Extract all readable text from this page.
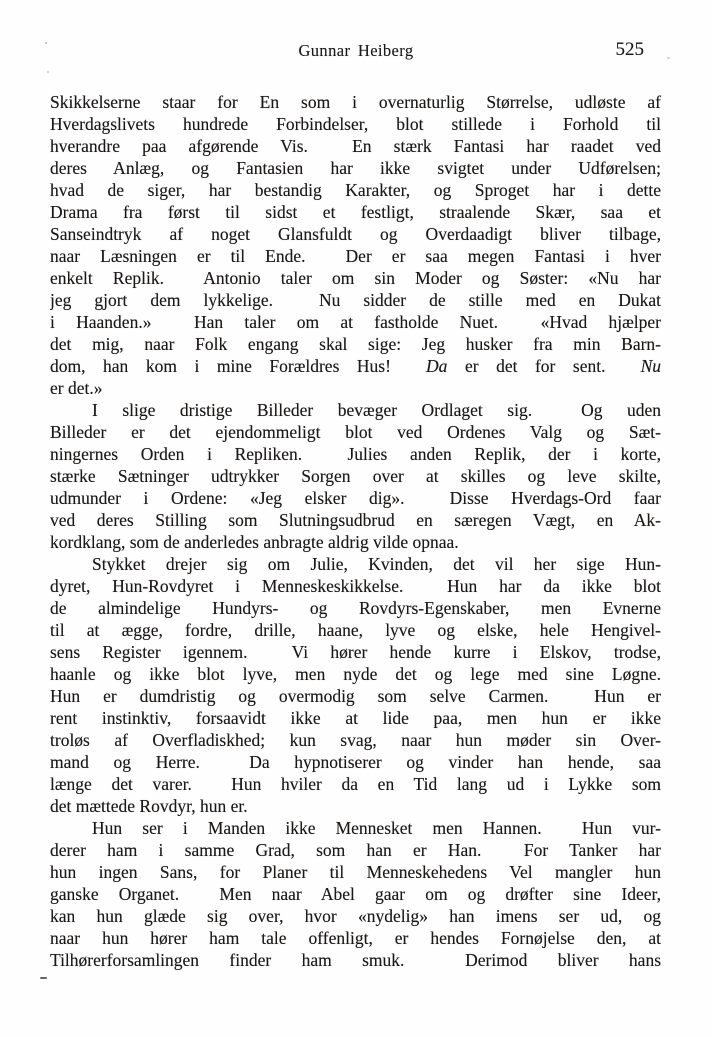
Gunnar Heiberg	525
Skikkelserne staar for En som i overnaturlig Størrelse, udløste af
Hverdagslivets hundrede Forbindelser, blot stillede i Forhold til
hverandre paa afgørende Vis.  En stærk Fantasi har raadet ved
deres Anlæg, og Fantasien har ikke svigtet under Udførelsen;
hvad de siger, har bestandig Karakter, og Sproget har i dette
Drama fra først til sidst et festligt, straalende Skær, saa et
Sanseindtryk af noget Glansfuldt og Overdaadigt bliver tilbage,
naar Læsningen er til Ende.  Der er saa megen Fantasi i hver
enkelt Replik.  Antonio taler om sin Moder og Søster: «Nu har
jeg gjort dem lykkelige.  Nu sidder de stille med en Dukat
i Haanden.»  Han taler om at fastholde Nuet.  «Hvad hjælper
det mig, naar Folk engang skal sige: Jeg husker fra min Barn-
dom, han kom i mine Forældres Hus!  Da er det for sent.  Nu
er det.»
I slige dristige Billeder bevæger Ordlaget sig.  Og uden
Billeder er det ejendommeligt blot ved Ordenes Valg og Sæt-
ningernes Orden i Repliken.  Julies anden Replik, der i korte,
stærke Sætninger udtrykker Sorgen over at skilles og leve skilte,
udmunder i Ordene: «Jeg elsker dig».  Disse Hverdags-Ord faar
ved deres Stilling som Slutningsudbrud en særegen Vægt, en Ak-
kordklang, som de anderledes anbragte aldrig vilde opnaa.
Stykket drejer sig om Julie, Kvinden, det vil her sige Hun-
dyret, Hun-Rovdyret i Menneskeskikkelse.  Hun har da ikke blot
de almindelige Hundyrs- og Rovdyrs-Egenskaber, men Evnerne
til at ægge, fordre, drille, haane, lyve og elske, hele Hengivel-
sens Register igennem.  Vi hører hende kurre i Elskov, trodse,
haanle og ikke blot lyve, men nyde det og lege med sine Løgne.
Hun er dumdristig og overmodig som selve Carmen.  Hun er
rent instinktiv, forsaavidt ikke at lide paa, men hun er ikke
troløs af Overfladiskhed; kun svag, naar hun møder sin Over-
mand og Herre.  Da hypnotiserer og vinder han hende, saa
længe det varer.  Hun hviler da en Tid lang ud i Lykke som
det mættede Rovdyr, hun er.
Hun ser i Manden ikke Mennesket men Hannen.  Hun vur-
derer ham i samme Grad, som han er Han.  For Tanker har
hun ingen Sans, for Planer til Menneskehedens Vel mangler hun
ganske Organet.  Men naar Abel gaar om og drøfter sine Ideer,
kan hun glæde sig over, hvor «nydelig» han imens ser ud, og
naar hun hører ham tale offenligt, er hendes Fornøjelse den, at
Tilhørerforsamlingen finder ham smuk.  Derimod bliver hans
